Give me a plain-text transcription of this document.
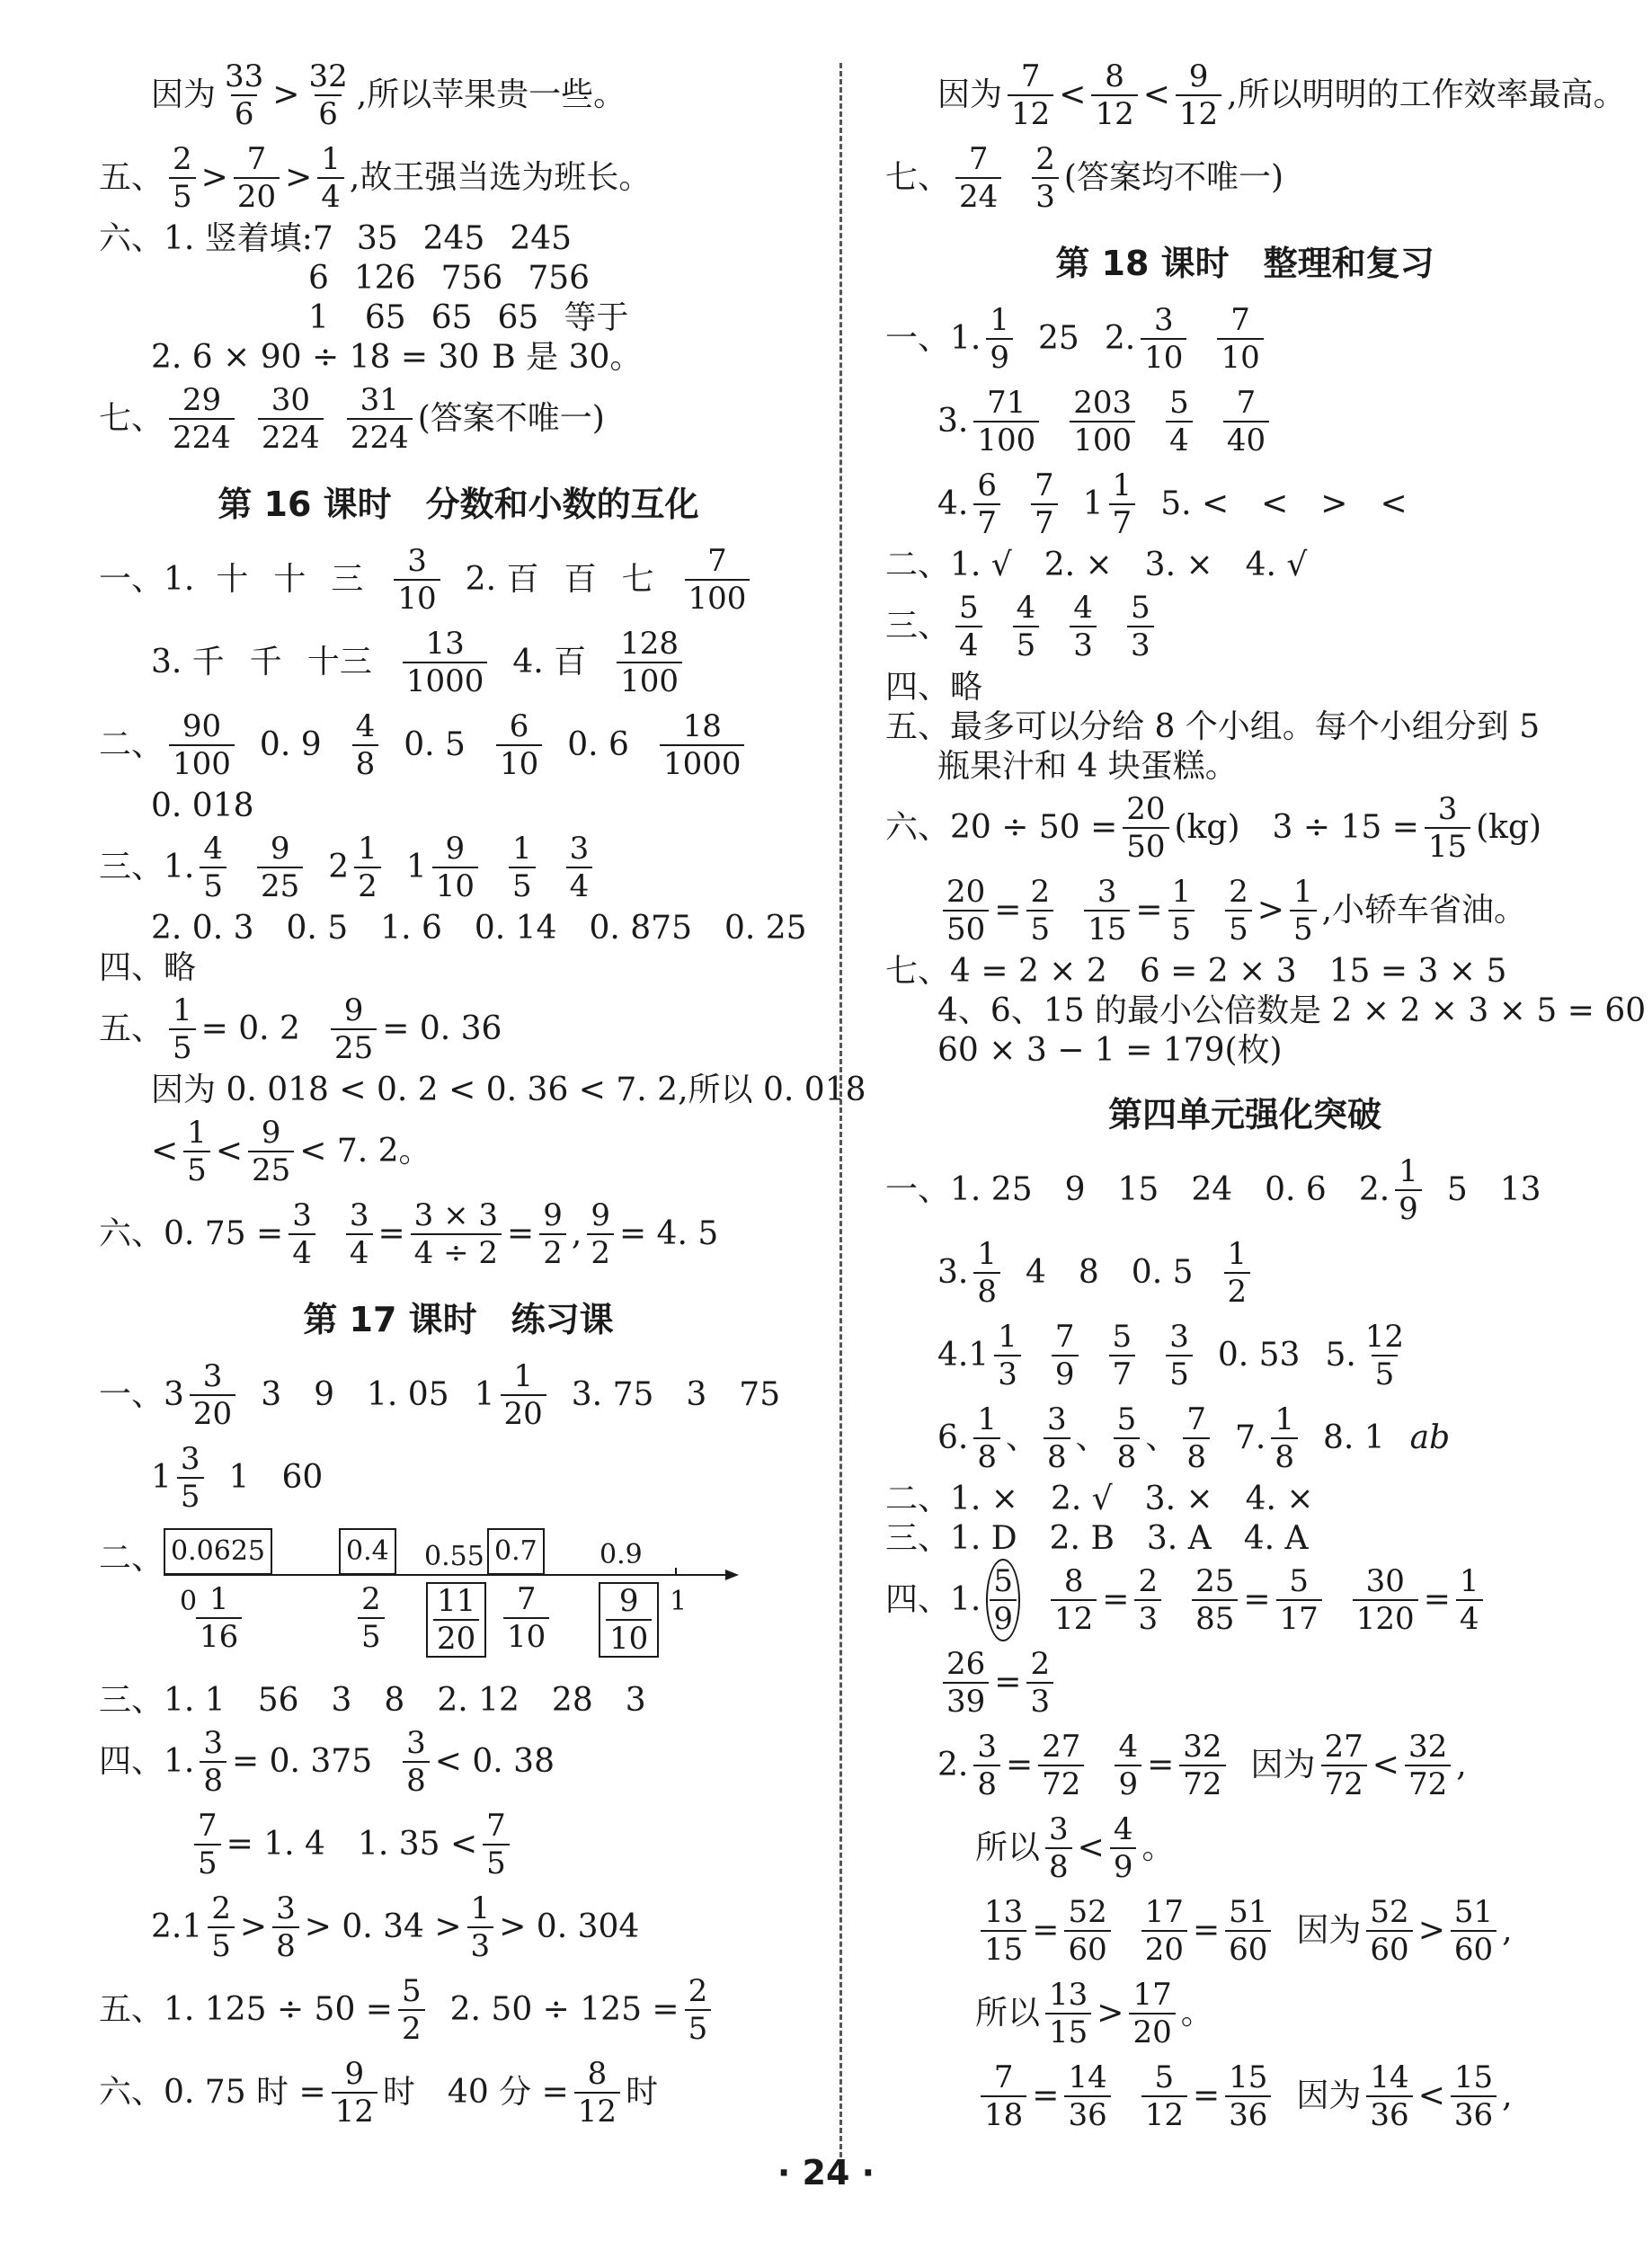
因为 $\frac{33}{6} > \frac{32}{6}$ ,所以苹果贵一些。
五、 $\frac{2}{5} > \frac{7}{20} > \frac{1}{4}$ ,故王强当选为班长。
六、1. 竖着填:7 35 245 245
6 126 756 756
1 65 65 65 等于
2. 6 × 90 ÷ 18 = 30 B 是 30。
七、 $\frac{29}{224} \frac{30}{224} \frac{31}{224}$ (答案不唯一)
第 16 课时　分数和小数的互化
一、1. 十 十 三 $\frac{3}{10} 2$. 百 百 七 $\frac{7}{100}$
3. 千 千 十三 $\frac{13}{1000} 4$. 百 $\frac{128}{100}$
二、 $\frac{90}{100} 0$. $9 \frac{4}{8} 0$. $5 \frac{6}{10} 0$. $6 \frac{18}{1000}$
0. 018
三、1. $\frac{4}{5} \frac{9}{25} 2 \frac{1}{2} 1 \frac{9}{10} \frac{1}{5} \frac{3}{4}$
2. 0. 3　0. 5　1. 6　0. 14　0. 875　0. 25
四、略
五、 $\frac{1}{5} = 0$. $2 \frac{9}{25} = 0$. 36
因为 0. 018 < 0. 2 < 0. 36 < 7. 2,所以 0. 018
< $\frac{1}{5} < \frac{9}{25} < 7$. 2。
六、0. $75 = \frac{3}{4} \frac{3}{4} = \frac{3 \times 3}{4 \div 2} = \frac{9}{2}$ , $\frac{9}{2} = 4$. 5
第 17 课时　练习课
一、 $3 \frac{3}{20} 3$　9　1. 05 $1 \frac{1}{20} 3$. 75　3　75
$1 \frac{3}{5} 1$　60
二、 0.0625	0.4 0.55 0.7 0.9
0	1
$\frac{1}{16}$	$\frac{2}{5} \frac{11}{20} \frac{7}{10} \frac{9}{10}$
三、1. 1　56　3　8　2. 12　28　3
四、1. $\frac{3}{8} = 0$. $375 \frac{3}{8} < 0$. 38
$\frac{7}{5} = 1$. 4　1. $35 < \frac{7}{5}$
2. $1 \frac{2}{5} > \frac{3}{8} > 0$. $34 > \frac{1}{3} > 0$. 304
五、1. $125 \div 50 = \frac{5}{2} 2$. $50 \div 125 = \frac{2}{5}$
六、0. 75 时 = $\frac{9}{12}$ 时　40 分 = $\frac{8}{12}$ 时
因为 $\frac{7}{12} < \frac{8}{12} < \frac{9}{12}$ ,所以明明的工作效率最高。
七、 $\frac{7}{24} \frac{2}{3}$ (答案均不唯一)
第 18 课时　整理和复习
一、1. $\frac{1}{9} 25$ 2. $\frac{3}{10} \frac{7}{10}$
3. $\frac{71}{100} \frac{203}{100} \frac{5}{4} \frac{7}{40}$
4. $\frac{6}{7} \frac{7}{7} 1 \frac{1}{7} 5$. <　<　>　<
二、1. √　2. ×　3. ×　4. √
三、 $\frac{5}{4} \frac{4}{5} \frac{4}{3} \frac{5}{3}$
四、略
五、最多可以分给 8 个小组。每个小组分到 5
瓶果汁和 4 块蛋糕。
六、$20 \div 50 = \frac{20}{50} (kg)$　$3 \div 15 = \frac{3}{15} (kg)$
$\frac{20}{50} = \frac{2}{5} \frac{3}{15} = \frac{1}{5} \frac{2}{5} > \frac{1}{5}$ ,小轿车省油。
七、4 = 2 × 2　6 = 2 × 3　15 = 3 × 5
4、6、15 的最小公倍数是 2 × 2 × 3 × 5 = 60
60 × 3 − 1 = 179(枚)
第四单元强化突破
一、1. 25　9　15　24　0. 6　2. $\frac{1}{9} 5$　13
3. $\frac{1}{8} 4$　8　0. $5 \frac{1}{2}$
4. $1 \frac{1}{3} \frac{7}{9} \frac{5}{7} \frac{3}{5} 0$. 53 5. $\frac{12}{5}$
6. $\frac{1}{8}$ 、 $\frac{3}{8}$ 、 $\frac{5}{8}$ 、 $\frac{7}{8} 7$. $\frac{1}{8} 8$. 1 ab
二、1. ×　2. √　3. ×　4. ×
三、1. D　2. B　3. A　4. A
四、1. $\frac{5}{9} \frac{8}{12} = \frac{2}{3} \frac{25}{85} = \frac{5}{17} \frac{30}{120} = \frac{1}{4}$
$\frac{26}{39} = \frac{2}{3}$
2. $\frac{3}{8} = \frac{27}{72} \frac{4}{9} = \frac{32}{72}$ 因为 $\frac{27}{72} < \frac{32}{72}$ ,
所以 $\frac{3}{8} < \frac{4}{9}$ 。
$\frac{13}{15} = \frac{52}{60} \frac{17}{20} = \frac{51}{60}$ 因为 $\frac{52}{60} > \frac{51}{60}$ ,
所以 $\frac{13}{15} > \frac{17}{20}$ 。
$\frac{7}{18} = \frac{14}{36} \frac{5}{12} = \frac{15}{36}$ 因为 $\frac{14}{36} < \frac{15}{36}$ ,
· 24 ·
